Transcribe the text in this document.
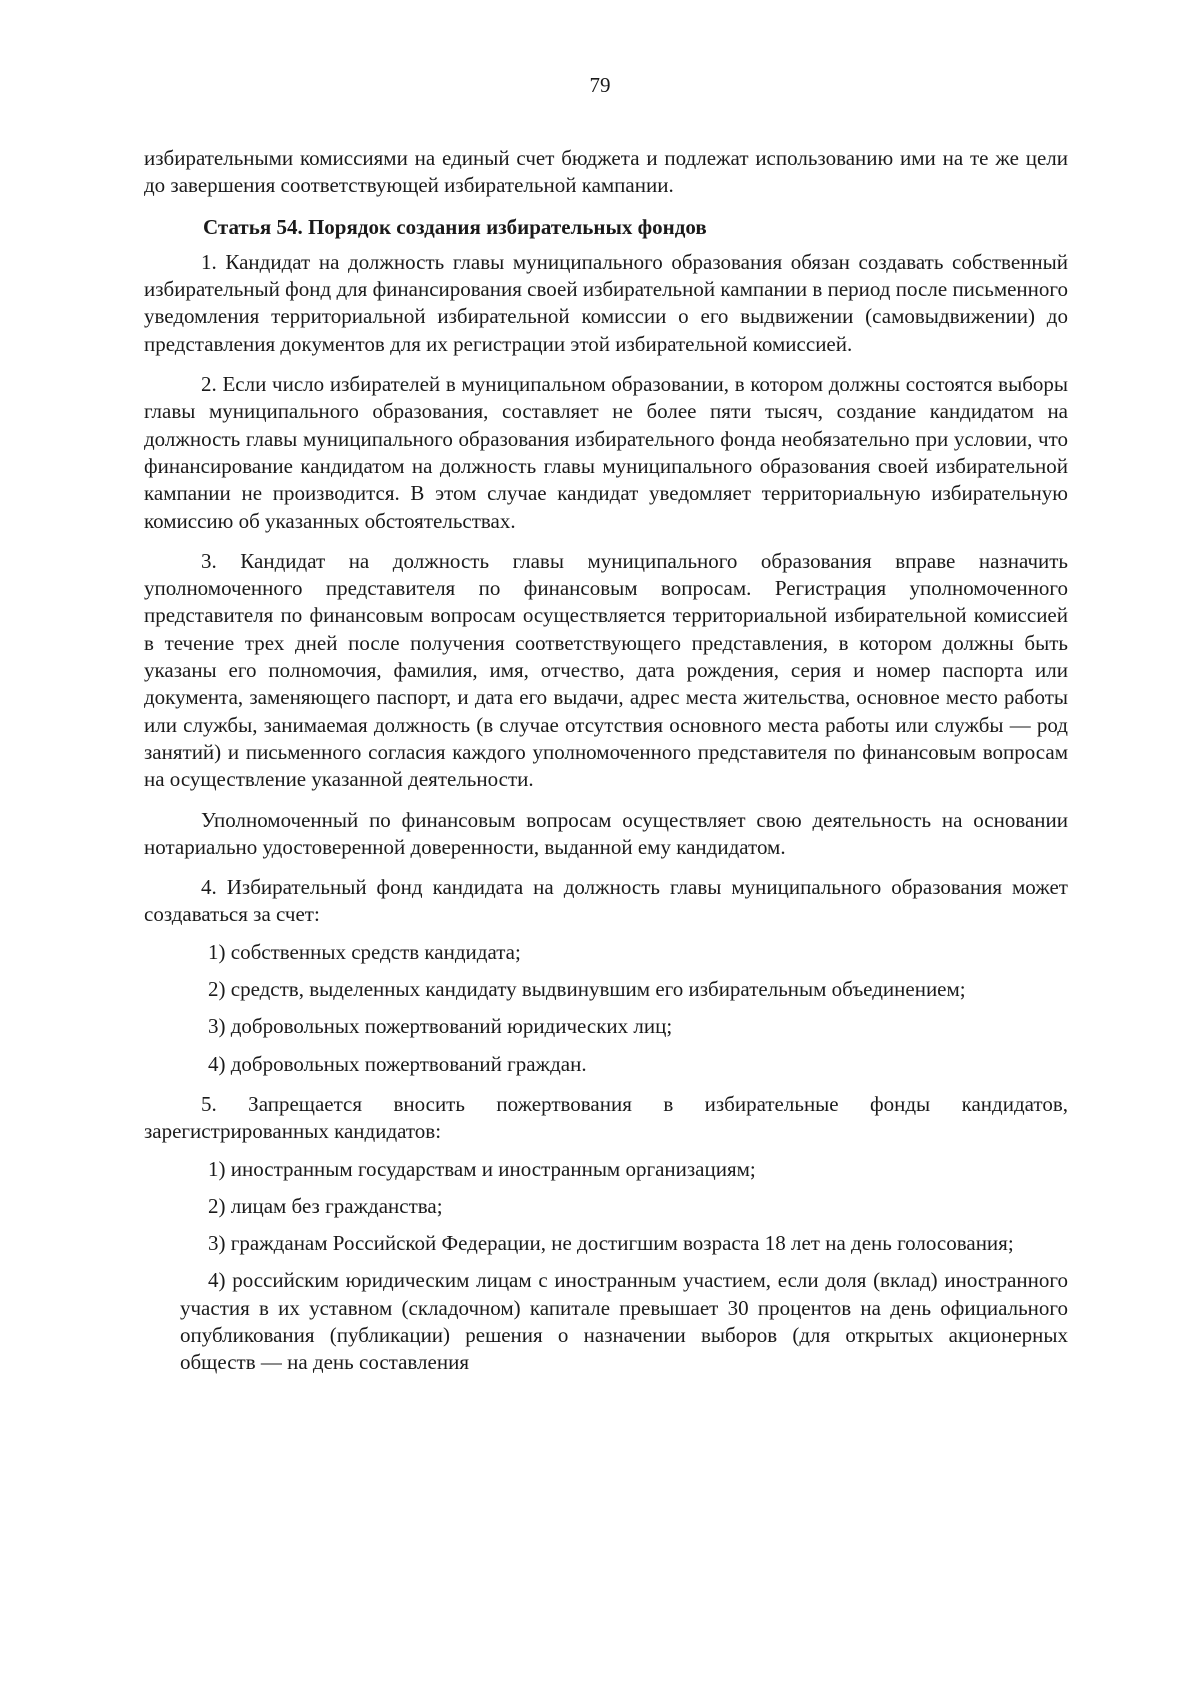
79

избирательными комиссиями на единый счет бюджета и подлежат использованию ими на те же цели до завершения соответствующей избирательной кампании.

Статья 54. Порядок создания избирательных фондов

1. Кандидат на должность главы муниципального образования обязан создавать собственный избирательный фонд для финансирования своей избирательной кампании в период после письменного уведомления территориальной избирательной комиссии о его выдвижении (самовыдвижении) до представления документов для их регистрации этой избирательной комиссией.

2. Если число избирателей в муниципальном образовании, в котором должны состоятся выборы главы муниципального образования, составляет не более пяти тысяч, создание кандидатом на должность главы муниципального образования избирательного фонда необязательно при условии, что финансирование кандидатом на должность главы муниципального образования своей избирательной кампании не производится. В этом случае кандидат уведомляет территориальную избирательную комиссию об указанных обстоятельствах.

3. Кандидат на должность главы муниципального образования вправе назначить уполномоченного представителя по финансовым вопросам. Регистрация уполномоченного представителя по финансовым вопросам осуществляется территориальной избирательной комиссией в течение трех дней после получения соответствующего представления, в котором должны быть указаны его полномочия, фамилия, имя, отчество, дата рождения, серия и номер паспорта или документа, заменяющего паспорт, и дата его выдачи, адрес места жительства, основное место работы или службы, занимаемая должность (в случае отсутствия основного места работы или службы — род занятий) и письменного согласия каждого уполномоченного представителя по финансовым вопросам на осуществление указанной деятельности.

Уполномоченный по финансовым вопросам осуществляет свою деятельность на основании нотариально удостоверенной доверенности, выданной ему кандидатом.

4. Избирательный фонд кандидата на должность главы муниципального образования может создаваться за счет:

1) собственных средств кандидата;

2) средств, выделенных кандидату выдвинувшим его избирательным объединением;

3) добровольных пожертвований юридических лиц;

4) добровольных пожертвований граждан.

5. Запрещается вносить пожертвования в избирательные фонды кандидатов, зарегистрированных кандидатов:

1) иностранным государствам и иностранным организациям;

2) лицам без гражданства;

3) гражданам Российской Федерации, не достигшим возраста 18 лет на день голосования;

4) российским юридическим лицам с иностранным участием, если доля (вклад) иностранного участия в их уставном (складочном) капитале превышает 30 процентов на день официального опубликования (публикации) решения о назначении выборов (для открытых акционерных обществ — на день составления
